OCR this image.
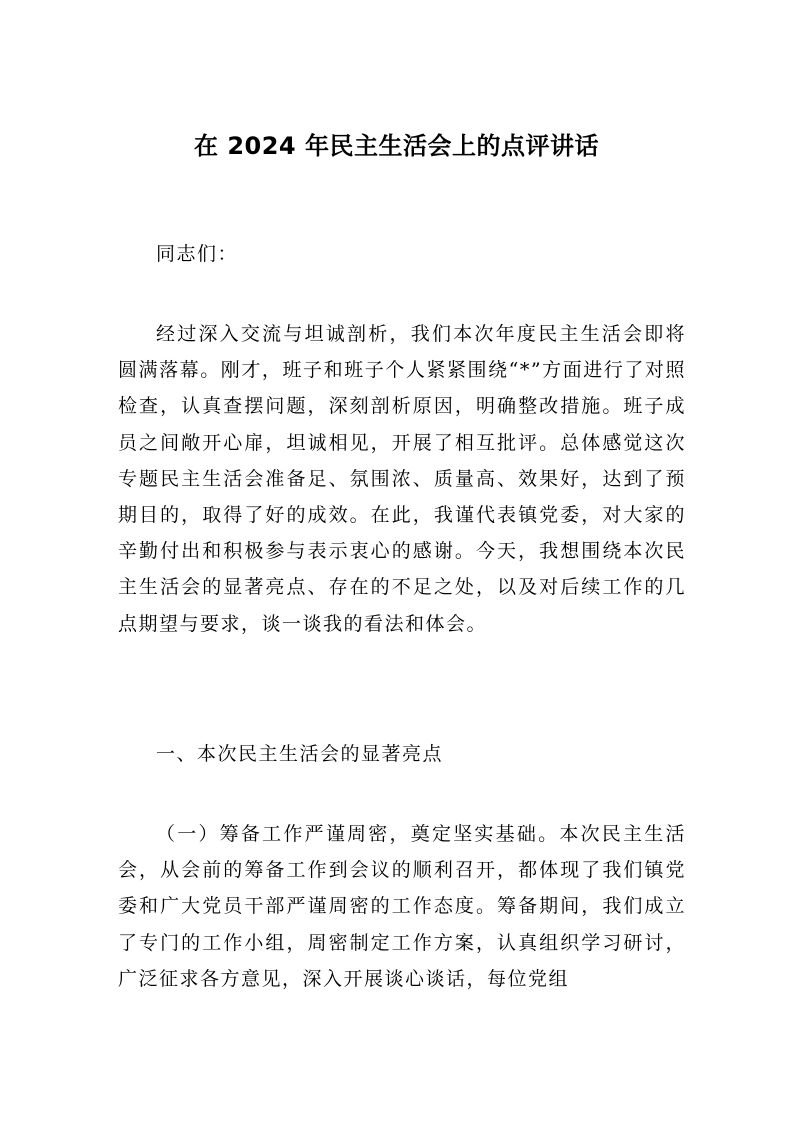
在 2024 年民主生活会上的点评讲话

同志们：

经过深入交流与坦诚剖析，我们本次年度民主生活会即将圆满落幕。刚才，班子和班子个人紧紧围绕“*”方面进行了对照检查，认真查摆问题，深刻剖析原因，明确整改措施。班子成员之间敞开心扉，坦诚相见，开展了相互批评。总体感觉这次专题民主生活会准备足、氛围浓、质量高、效果好，达到了预期目的，取得了好的成效。在此，我谨代表镇党委，对大家的辛勤付出和积极参与表示衷心的感谢。今天，我想围绕本次民主生活会的显著亮点、存在的不足之处，以及对后续工作的几点期望与要求，谈一谈我的看法和体会。

一、本次民主生活会的显著亮点

（一）筹备工作严谨周密，奠定坚实基础。本次民主生活会，从会前的筹备工作到会议的顺利召开，都体现了我们镇党委和广大党员干部严谨周密的工作态度。筹备期间，我们成立了专门的工作小组，周密制定工作方案，认真组织学习研讨，广泛征求各方意见，深入开展谈心谈话，每位党组
